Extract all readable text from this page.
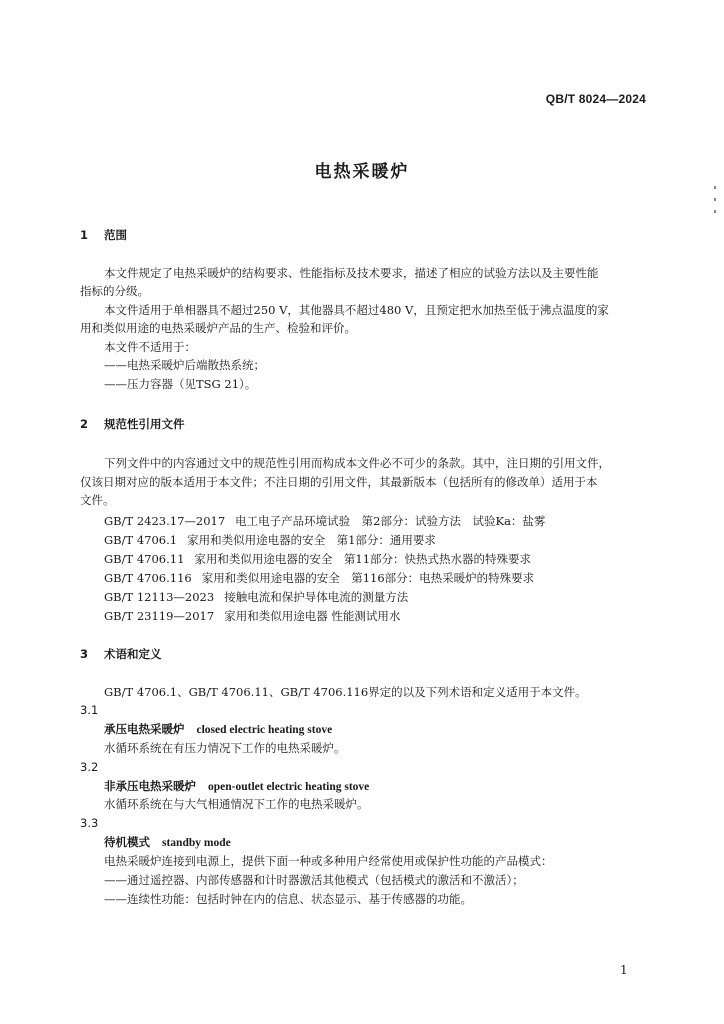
QB/T 8024—2024
电热采暖炉
1 范围
本文件规定了电热采暖炉的结构要求、性能指标及技术要求，描述了相应的试验方法以及主要性能
指标的分级。
本文件适用于单相器具不超过250 V，其他器具不超过480 V，且预定把水加热至低于沸点温度的家
用和类似用途的电热采暖炉产品的生产、检验和评价。
本文件不适用于：
——电热采暖炉后端散热系统；
——压力容器（见TSG 21）。
2 规范性引用文件
下列文件中的内容通过文中的规范性引用而构成本文件必不可少的条款。其中，注日期的引用文件，
仅该日期对应的版本适用于本文件；不注日期的引用文件，其最新版本（包括所有的修改单）适用于本
文件。
GB/T 2423.17—2017 电工电子产品环境试验　第2部分：试验方法　试验Ka：盐雾
GB/T 4706.1 家用和类似用途电器的安全　第1部分：通用要求
GB/T 4706.11 家用和类似用途电器的安全　第11部分：快热式热水器的特殊要求
GB/T 4706.116 家用和类似用途电器的安全　第116部分：电热采暖炉的特殊要求
GB/T 12113—2023 接触电流和保护导体电流的测量方法
GB/T 23119—2017 家用和类似用途电器 性能测试用水
3 术语和定义
GB/T 4706.1、GB/T 4706.11、GB/T 4706.116界定的以及下列术语和定义适用于本文件。
3.1
承压电热采暖炉 closed electric heating stove
水循环系统在有压力情况下工作的电热采暖炉。
3.2
非承压电热采暖炉 open-outlet electric heating stove
水循环系统在与大气相通情况下工作的电热采暖炉。
3.3
待机模式 standby mode
电热采暖炉连接到电源上，提供下面一种或多种用户经常使用或保护性功能的产品模式：
——通过遥控器、内部传感器和计时器激活其他模式（包括模式的激活和不激活）；
——连续性功能：包括时钟在内的信息、状态显示、基于传感器的功能。
1
